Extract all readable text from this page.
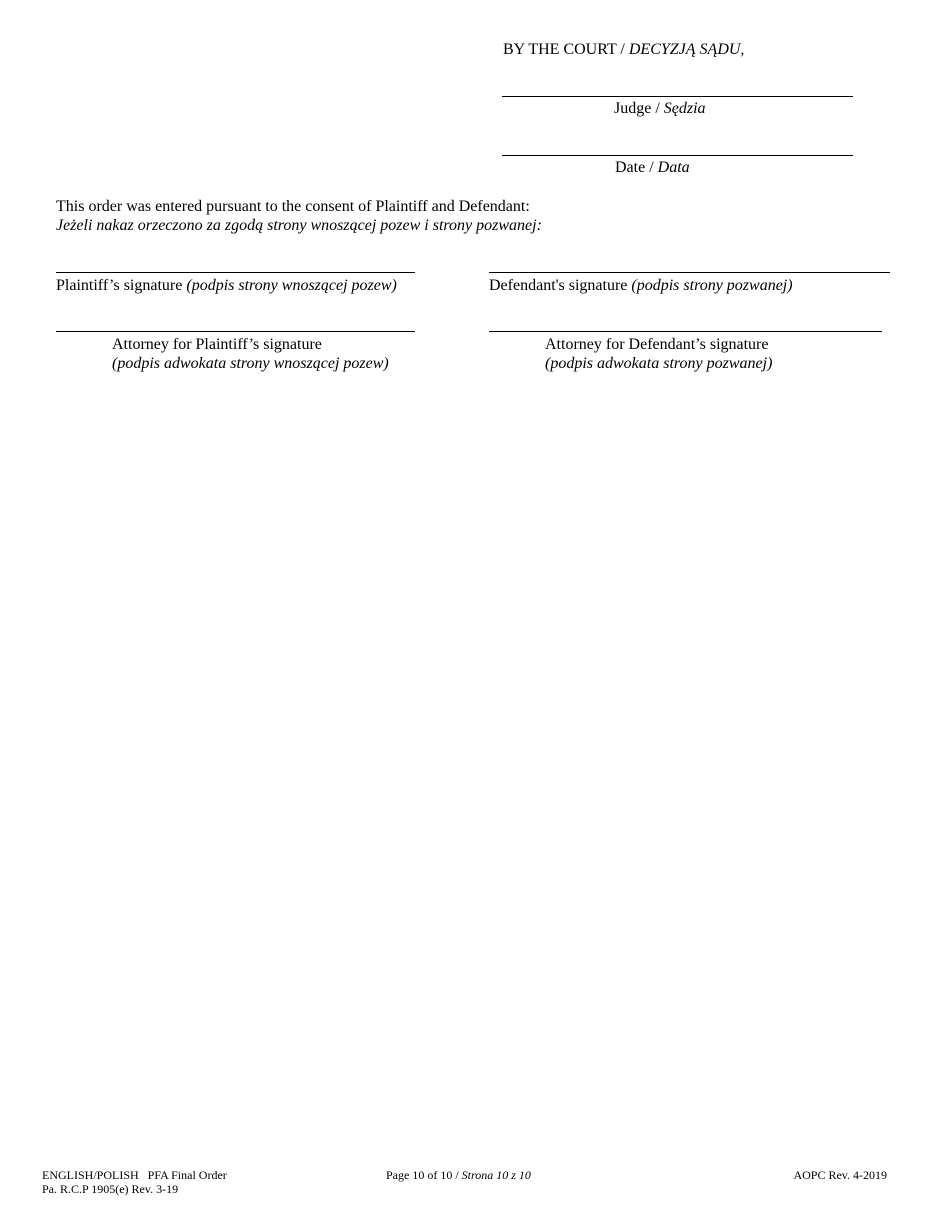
BY THE COURT / DECYZJĄ SĄDU,
Judge / Sędzia
Date / Data
This order was entered pursuant to the consent of Plaintiff and Defendant:
Jeżeli nakaz orzeczono za zgodą strony wnoszącej pozew i strony pozwanej:
Plaintiff’s signature (podpis strony wnoszącej pozew)	Defendant's signature (podpis strony pozwanej)
Attorney for Plaintiff’s signature
(podpis adwokata strony wnoszącej pozew)
Attorney for Defendant’s signature
(podpis adwokata strony pozwanej)
ENGLISH/POLISH   PFA Final Order
Pa. R.C.P 1905(e) Rev. 3-19
Page 10 of 10 / Strona 10 z 10	AOPC Rev. 4-2019
